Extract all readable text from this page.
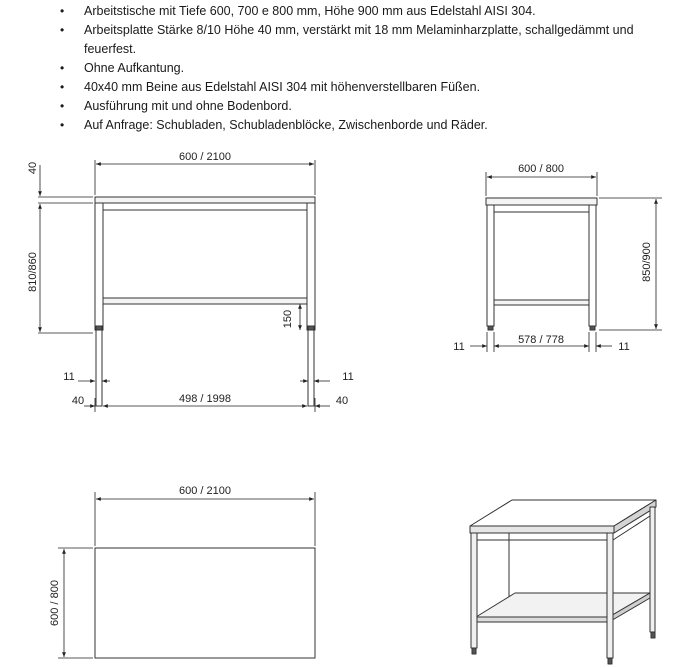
• Arbeitstische mit Tiefe 600, 700 e 800 mm, Höhe 900 mm aus Edelstahl AISI 304.
• Arbeitsplatte Stärke 8/10 Höhe 40 mm, verstärkt mit 18 mm Melaminharzplatte, schallgedämmt und feuerfest.
• Ohne Aufkantung.
• 40x40 mm Beine aus Edelstahl AISI 304 mit höhenverstellbaren Füßen.
• Ausführung mit und ohne Bodenbord.
• Auf Anfrage: Schubladen, Schubladenblöcke, Zwischenborde und Räder.
600 / 2100
40
810/860
150
11	11
40	40
498 / 1998
600 / 800
850/900
11
578 / 778
11
600 / 2100
600 / 800
